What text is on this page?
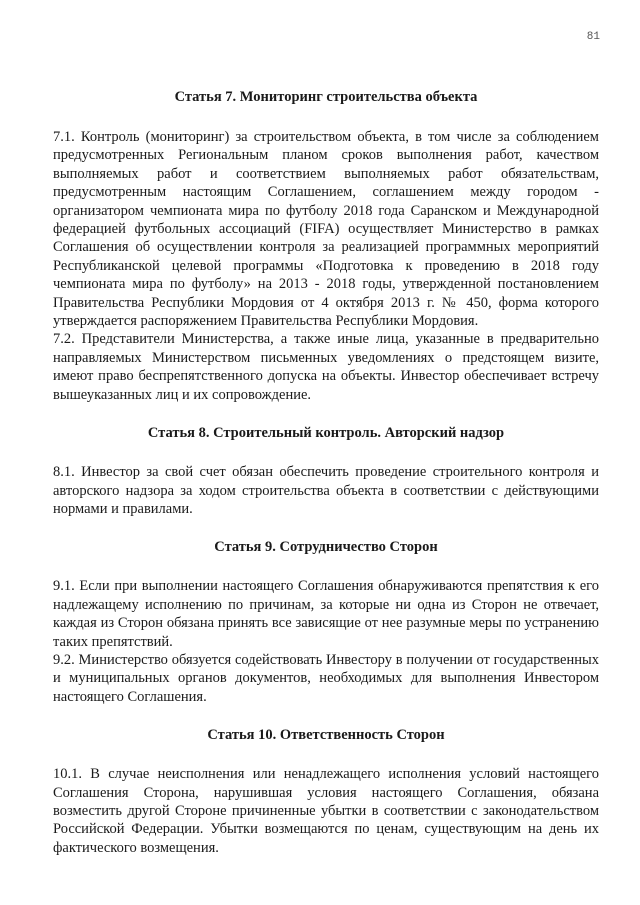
81
Статья 7. Мониторинг строительства объекта

7.1. Контроль (мониторинг) за строительством объекта, в том числе за соблюдением предусмотренных Региональным планом сроков выполнения работ, качеством выполняемых работ и соответствием выполняемых работ обязательствам, предусмотренным настоящим Соглашением, соглашением между городом - организатором чемпионата мира по футболу 2018 года Саранском и Международной федерацией футбольных ассоциаций (FIFA) осуществляет Министерство в рамках Соглашения об осуществлении контроля за реализацией программных мероприятий Республиканской целевой программы «Подготовка к проведению в 2018 году чемпионата мира по футболу» на 2013 - 2018 годы, утвержденной постановлением Правительства Республики Мордовия от 4 октября 2013 г. № 450, форма которого утверждается распоряжением Правительства Республики Мордовия.

7.2. Представители Министерства, а также иные лица, указанные в предварительно направляемых Министерством письменных уведомлениях о предстоящем визите, имеют право беспрепятственного допуска на объекты. Инвестор обеспечивает встречу вышеуказанных лиц и их сопровождение.

Статья 8. Строительный контроль. Авторский надзор

8.1. Инвестор за свой счет обязан обеспечить проведение строительного контроля и авторского надзора за ходом строительства объекта в соответствии с действующими нормами и правилами.

Статья 9. Сотрудничество Сторон

9.1. Если при выполнении настоящего Соглашения обнаруживаются препятствия к его надлежащему исполнению по причинам, за которые ни одна из Сторон не отвечает, каждая из Сторон обязана принять все зависящие от нее разумные меры по устранению таких препятствий.

9.2. Министерство обязуется содействовать Инвестору в получении от государственных и муниципальных органов документов, необходимых для выполнения Инвестором настоящего Соглашения.

Статья 10. Ответственность Сторон

10.1. В случае неисполнения или ненадлежащего исполнения условий настоящего Соглашения Сторона, нарушившая условия настоящего Соглашения, обязана возместить другой Стороне причиненные убытки в соответствии с законодательством Российской Федерации. Убытки возмещаются по ценам, существующим на день их фактического возмещения.
